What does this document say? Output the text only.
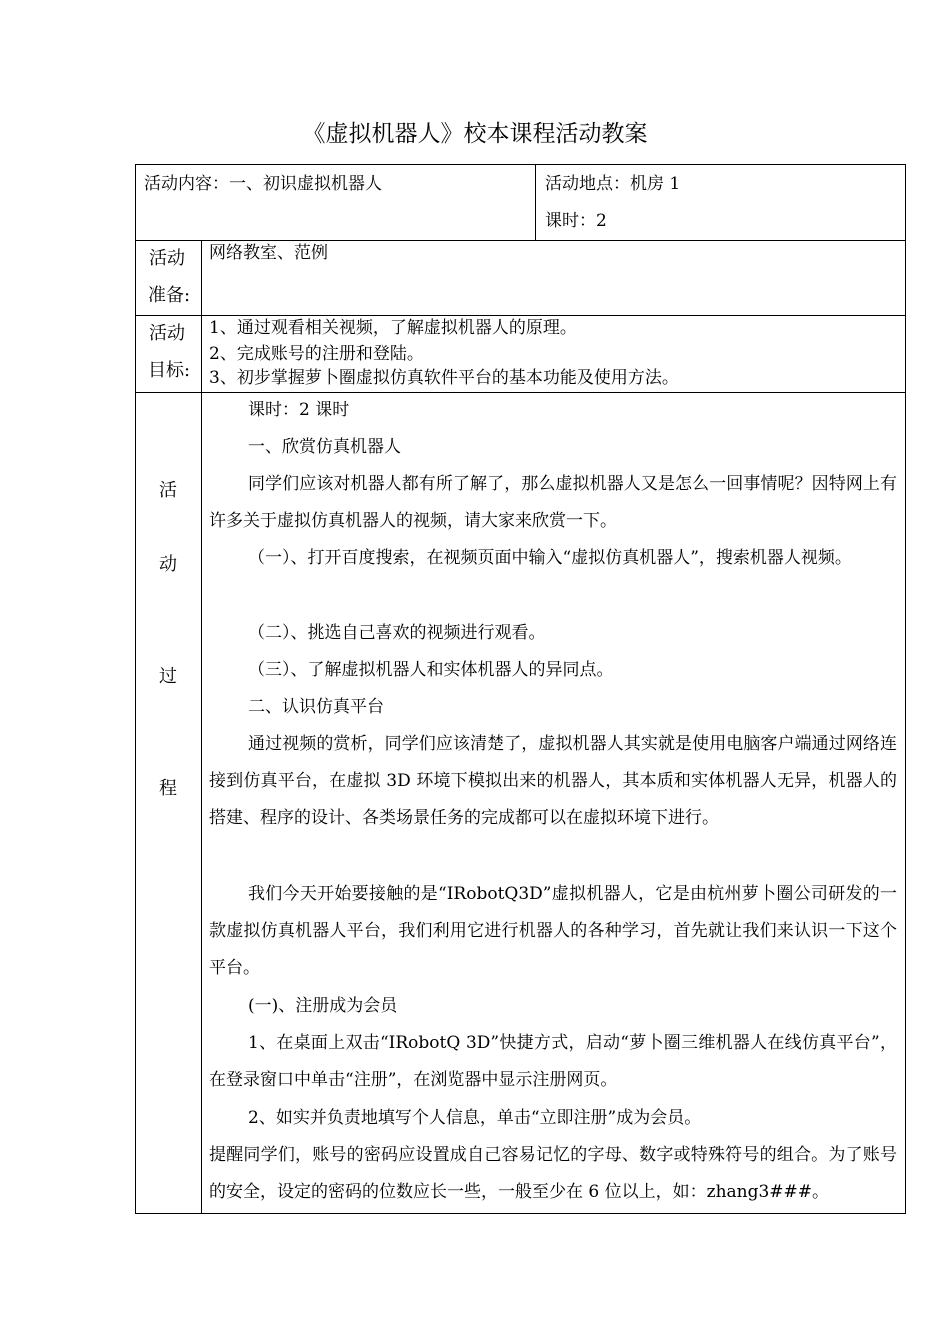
《虚拟机器人》校本课程活动教案
活动内容：一、初识虚拟机器人	活动地点：机房 1
课时：2
活动
准备:
网络教室、范例
活动
目标:
1、通过观看相关视频，了解虚拟机器人的原理。
2、完成账号的注册和登陆。
3、初步掌握萝卜圈虚拟仿真软件平台的基本功能及使用方法。
活
动
过
程
课时：2 课时
一、欣赏仿真机器人
同学们应该对机器人都有所了解了，那么虚拟机器人又是怎么一回事情呢？因特网上有许多关于虚拟仿真机器人的视频，请大家来欣赏一下。
（一）、打开百度搜索，在视频页面中输入“虚拟仿真机器人”，搜索机器人视频。
（二）、挑选自己喜欢的视频进行观看。
（三）、了解虚拟机器人和实体机器人的异同点。
二、认识仿真平台
通过视频的赏析，同学们应该清楚了，虚拟机器人其实就是使用电脑客户端通过网络连接到仿真平台，在虚拟 3D 环境下模拟出来的机器人，其本质和实体机器人无异，机器人的搭建、程序的设计、各类场景任务的完成都可以在虚拟环境下进行。
我们今天开始要接触的是“IRobotQ3D”虚拟机器人，它是由杭州萝卜圈公司研发的一款虚拟仿真机器人平台，我们利用它进行机器人的各种学习，首先就让我们来认识一下这个平台。
(一)、注册成为会员
1、在桌面上双击“IRobotQ 3D”快捷方式，启动“萝卜圈三维机器人在线仿真平台”，在登录窗口中单击“注册”，在浏览器中显示注册网页。
2、如实并负责地填写个人信息，单击“立即注册”成为会员。
提醒同学们，账号的密码应设置成自己容易记忆的字母、数字或特殊符号的组合。为了账号的安全，设定的密码的位数应长一些，一般至少在 6 位以上，如：zhang3###。
